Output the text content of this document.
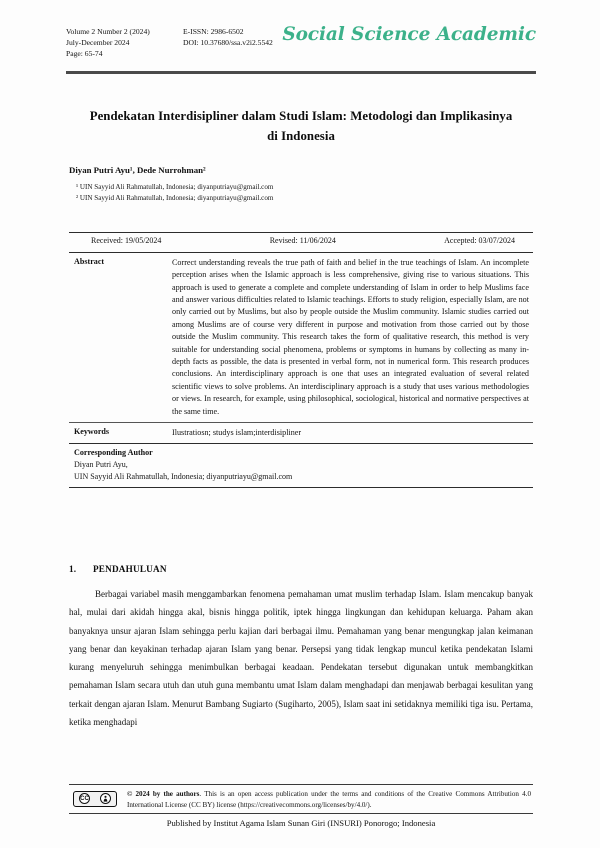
Volume 2 Number 2 (2024)
July-December 2024
Page: 65-74
E-ISSN: 2986-6502
DOI: 10.37680/ssa.v2i2.5542 Social Science Academic
Pendekatan Interdisipliner dalam Studi Islam: Metodologi dan Implikasinya di Indonesia
Diyan Putri Ayu¹, Dede Nurrohman²
¹ UIN Sayyid Ali Rahmatullah, Indonesia; diyanputriayu@gmail.com
² UIN Sayyid Ali Rahmatullah, Indonesia; diyanputriayu@gmail.com
Received: 19/05/2024	Revised: 11/06/2024	Accepted: 03/07/2024
Abstract	Correct understanding reveals the true path of faith and belief in the true teachings of Islam. An incomplete perception arises when the Islamic approach is less comprehensive, giving rise to various situations. This approach is used to generate a complete and complete understanding of Islam in order to help Muslims face and answer various difficulties related to Islamic teachings. Efforts to study religion, especially Islam, are not only carried out by Muslims, but also by people outside the Muslim community. Islamic studies carried out among Muslims are of course very different in purpose and motivation from those carried out by those outside the Muslim community. This research takes the form of qualitative research, this method is very suitable for understanding social phenomena, problems or symptoms in humans by collecting as many in-depth facts as possible, the data is presented in verbal form, not in numerical form. This research produces conclusions. An interdisciplinary approach is one that uses an integrated evaluation of several related scientific views to solve problems. An interdisciplinary approach is a study that uses various methodologies or views. In research, for example, using philosophical, sociological, historical and normative perspectives at the same time.
Keywords	Ilustratiosn; studys islam;interdisipliner
Corresponding Author
Diyan Putri Ayu,
UIN Sayyid Ali Rahmatullah, Indonesia; diyanputriayu@gmail.com
1. PENDAHULUAN
Berbagai variabel masih menggambarkan fenomena pemahaman umat muslim terhadap Islam. Islam mencakup banyak hal, mulai dari akidah hingga akal, bisnis hingga politik, iptek hingga lingkungan dan kehidupan keluarga. Paham akan banyaknya unsur ajaran Islam sehingga perlu kajian dari berbagai ilmu. Pemahaman yang benar mengungkap jalan keimanan yang benar dan keyakinan terhadap ajaran Islam yang benar. Persepsi yang tidak lengkap muncul ketika pendekatan Islami kurang menyeluruh sehingga menimbulkan berbagai keadaan. Pendekatan tersebut digunakan untuk membangkitkan pemahaman Islam secara utuh dan utuh guna membantu umat Islam dalam menghadapi dan menjawab berbagai kesulitan yang terkait dengan ajaran Islam. Menurut Bambang Sugiarto (Sugiharto, 2005), Islam saat ini setidaknya memiliki tiga isu. Pertama, ketika menghadapi
CC
© 2024 by the authors. This is an open access publication under the terms and conditions of the Creative Commons Attribution 4.0 International License (CC BY) license (https://creativecommons.org/licenses/by/4.0/).
Published by Institut Agama Islam Sunan Giri (INSURI) Ponorogo; Indonesia
